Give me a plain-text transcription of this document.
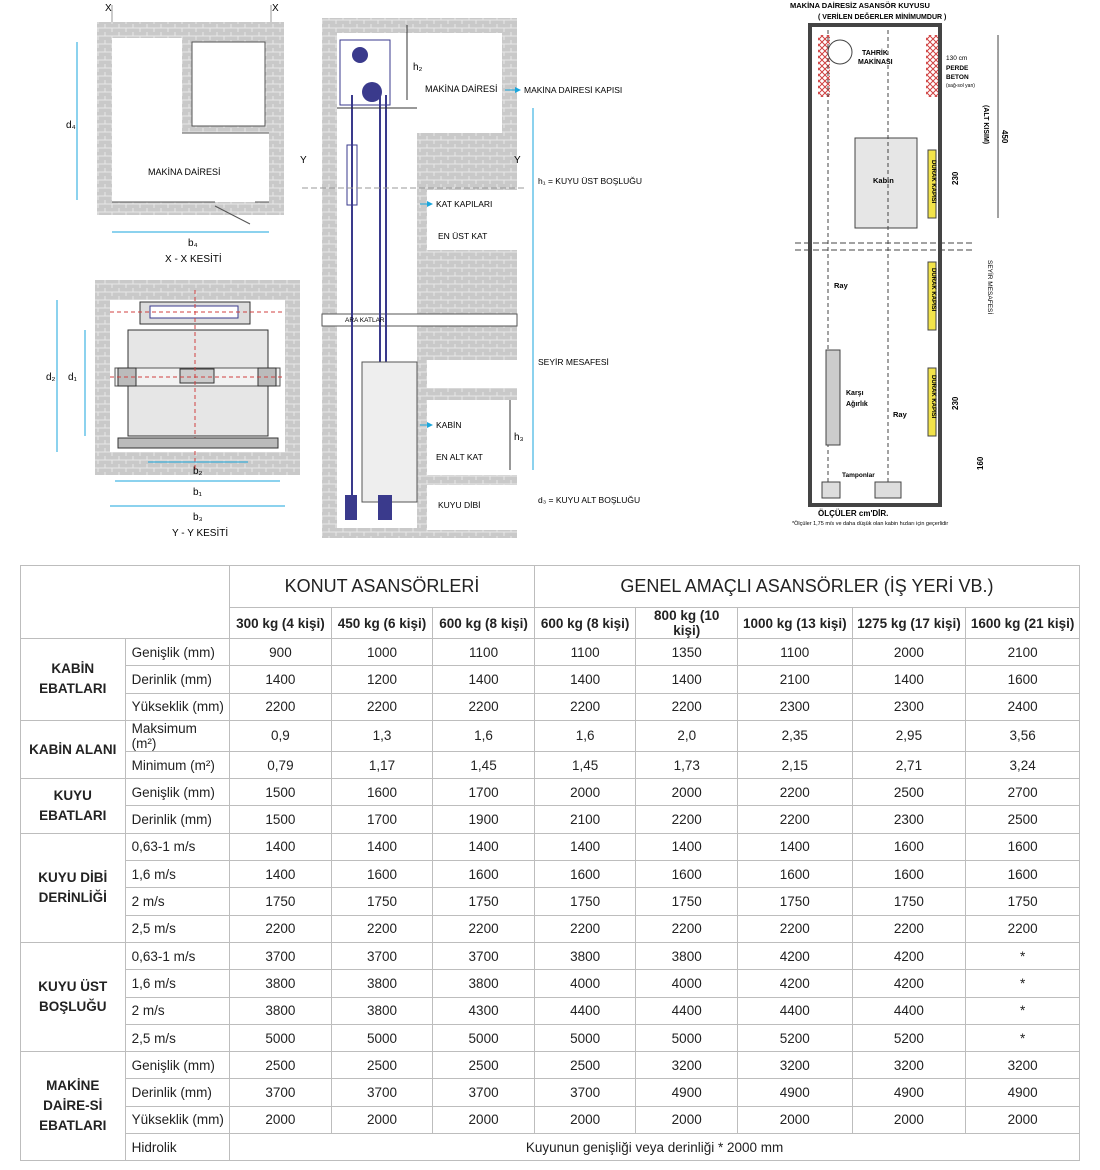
X	X
MAKİNA DAİRESİ
d₄
b₄
X - X KESİTİ
d₂ d₁
b₂
b₁
b₃
Y - Y KESİTİ
Y	Y
h₂
MAKİNA DAİRESİ	MAKİNA DAİRESİ KAPISI
h₁ = KUYU ÜST BOŞLUĞU
KAT KAPILARI
EN ÜST KAT
ARA KATLAR
SEYİR MESAFESİ
KABİN
h₃
EN ALT KAT
d₃ = KUYU ALT BOŞLUĞU
KUYU DİBİ
MAKİNA DAİRESİZ ASANSÖR KUYUSU
( VERİLEN DEĞERLER MİNİMUMDUR )
TAHRİK
MAKİNASI
130 cm
PERDE
BETON
(sağ-sol yan)
450
(ALT KISIM)
Kabin	DURAK KAPISI 230
DURAK KAPISI
DURAK KAPISI 230
Ray	SEYİR MESAFESİ
Karşı
Ağırlık
Ray
Tamponlar
160
ÖLÇÜLER cm'DİR.
*Ölçüler 1,75 m/s ve daha düşük olan kabin hızları için geçerlidir
		KONUT ASANSÖRLERİ			GENEL AMAÇLI ASANSÖRLER (İŞ YERİ VB.)				
		300 kg (4 kişi)	450 kg (6 kişi)	600 kg (8 kişi)	600 kg (8 kişi)	800 kg (10 kişi)	1000 kg (13 kişi)	1275 kg (17 kişi)	1600 kg (21 kişi)
KABİN EBATLARI	Genişlik (mm)	900	1000	1100	1100	1350	1100	2000	2100
	Derinlik (mm)	1400	1200	1400	1400	1400	2100	1400	1600
	Yükseklik (mm)	2200	2200	2200	2200	2200	2300	2300	2400
KABİN ALANI	Maksimum (m²)	0,9	1,3	1,6	1,6	2,0	2,35	2,95	3,56
	Minimum (m²)	0,79	1,17	1,45	1,45	1,73	2,15	2,71	3,24
KUYU EBATLARI	Genişlik (mm)	1500	1600	1700	2000	2000	2200	2500	2700
	Derinlik (mm)	1500	1700	1900	2100	2200	2200	2300	2500
KUYU DİBİ DERİNLİĞİ	0,63-1 m/s	1400	1400	1400	1400	1400	1400	1600	1600
	1,6 m/s	1400	1600	1600	1600	1600	1600	1600	1600
	2 m/s	1750	1750	1750	1750	1750	1750	1750	1750
	2,5 m/s	2200	2200	2200	2200	2200	2200	2200	2200
KUYU ÜST BOŞLUĞU	0,63-1 m/s	3700	3700	3700	3800	3800	4200	4200	*
	1,6 m/s	3800	3800	3800	4000	4000	4200	4200	*
	2 m/s	3800	3800	4300	4400	4400	4400	4400	*
	2,5 m/s	5000	5000	5000	5000	5000	5200	5200	*
MAKİNE DAİRE-Sİ EBATLARI	Genişlik (mm)	2500	2500	2500	2500	3200	3200	3200	3200
	Derinlik (mm)	3700	3700	3700	3700	4900	4900	4900	4900
	Yükseklik (mm)	2000	2000	2000	2000	2000	2000	2000	2000
	Hidrolik	Kuyunun genişliği veya derinliği * 2000 mm							
